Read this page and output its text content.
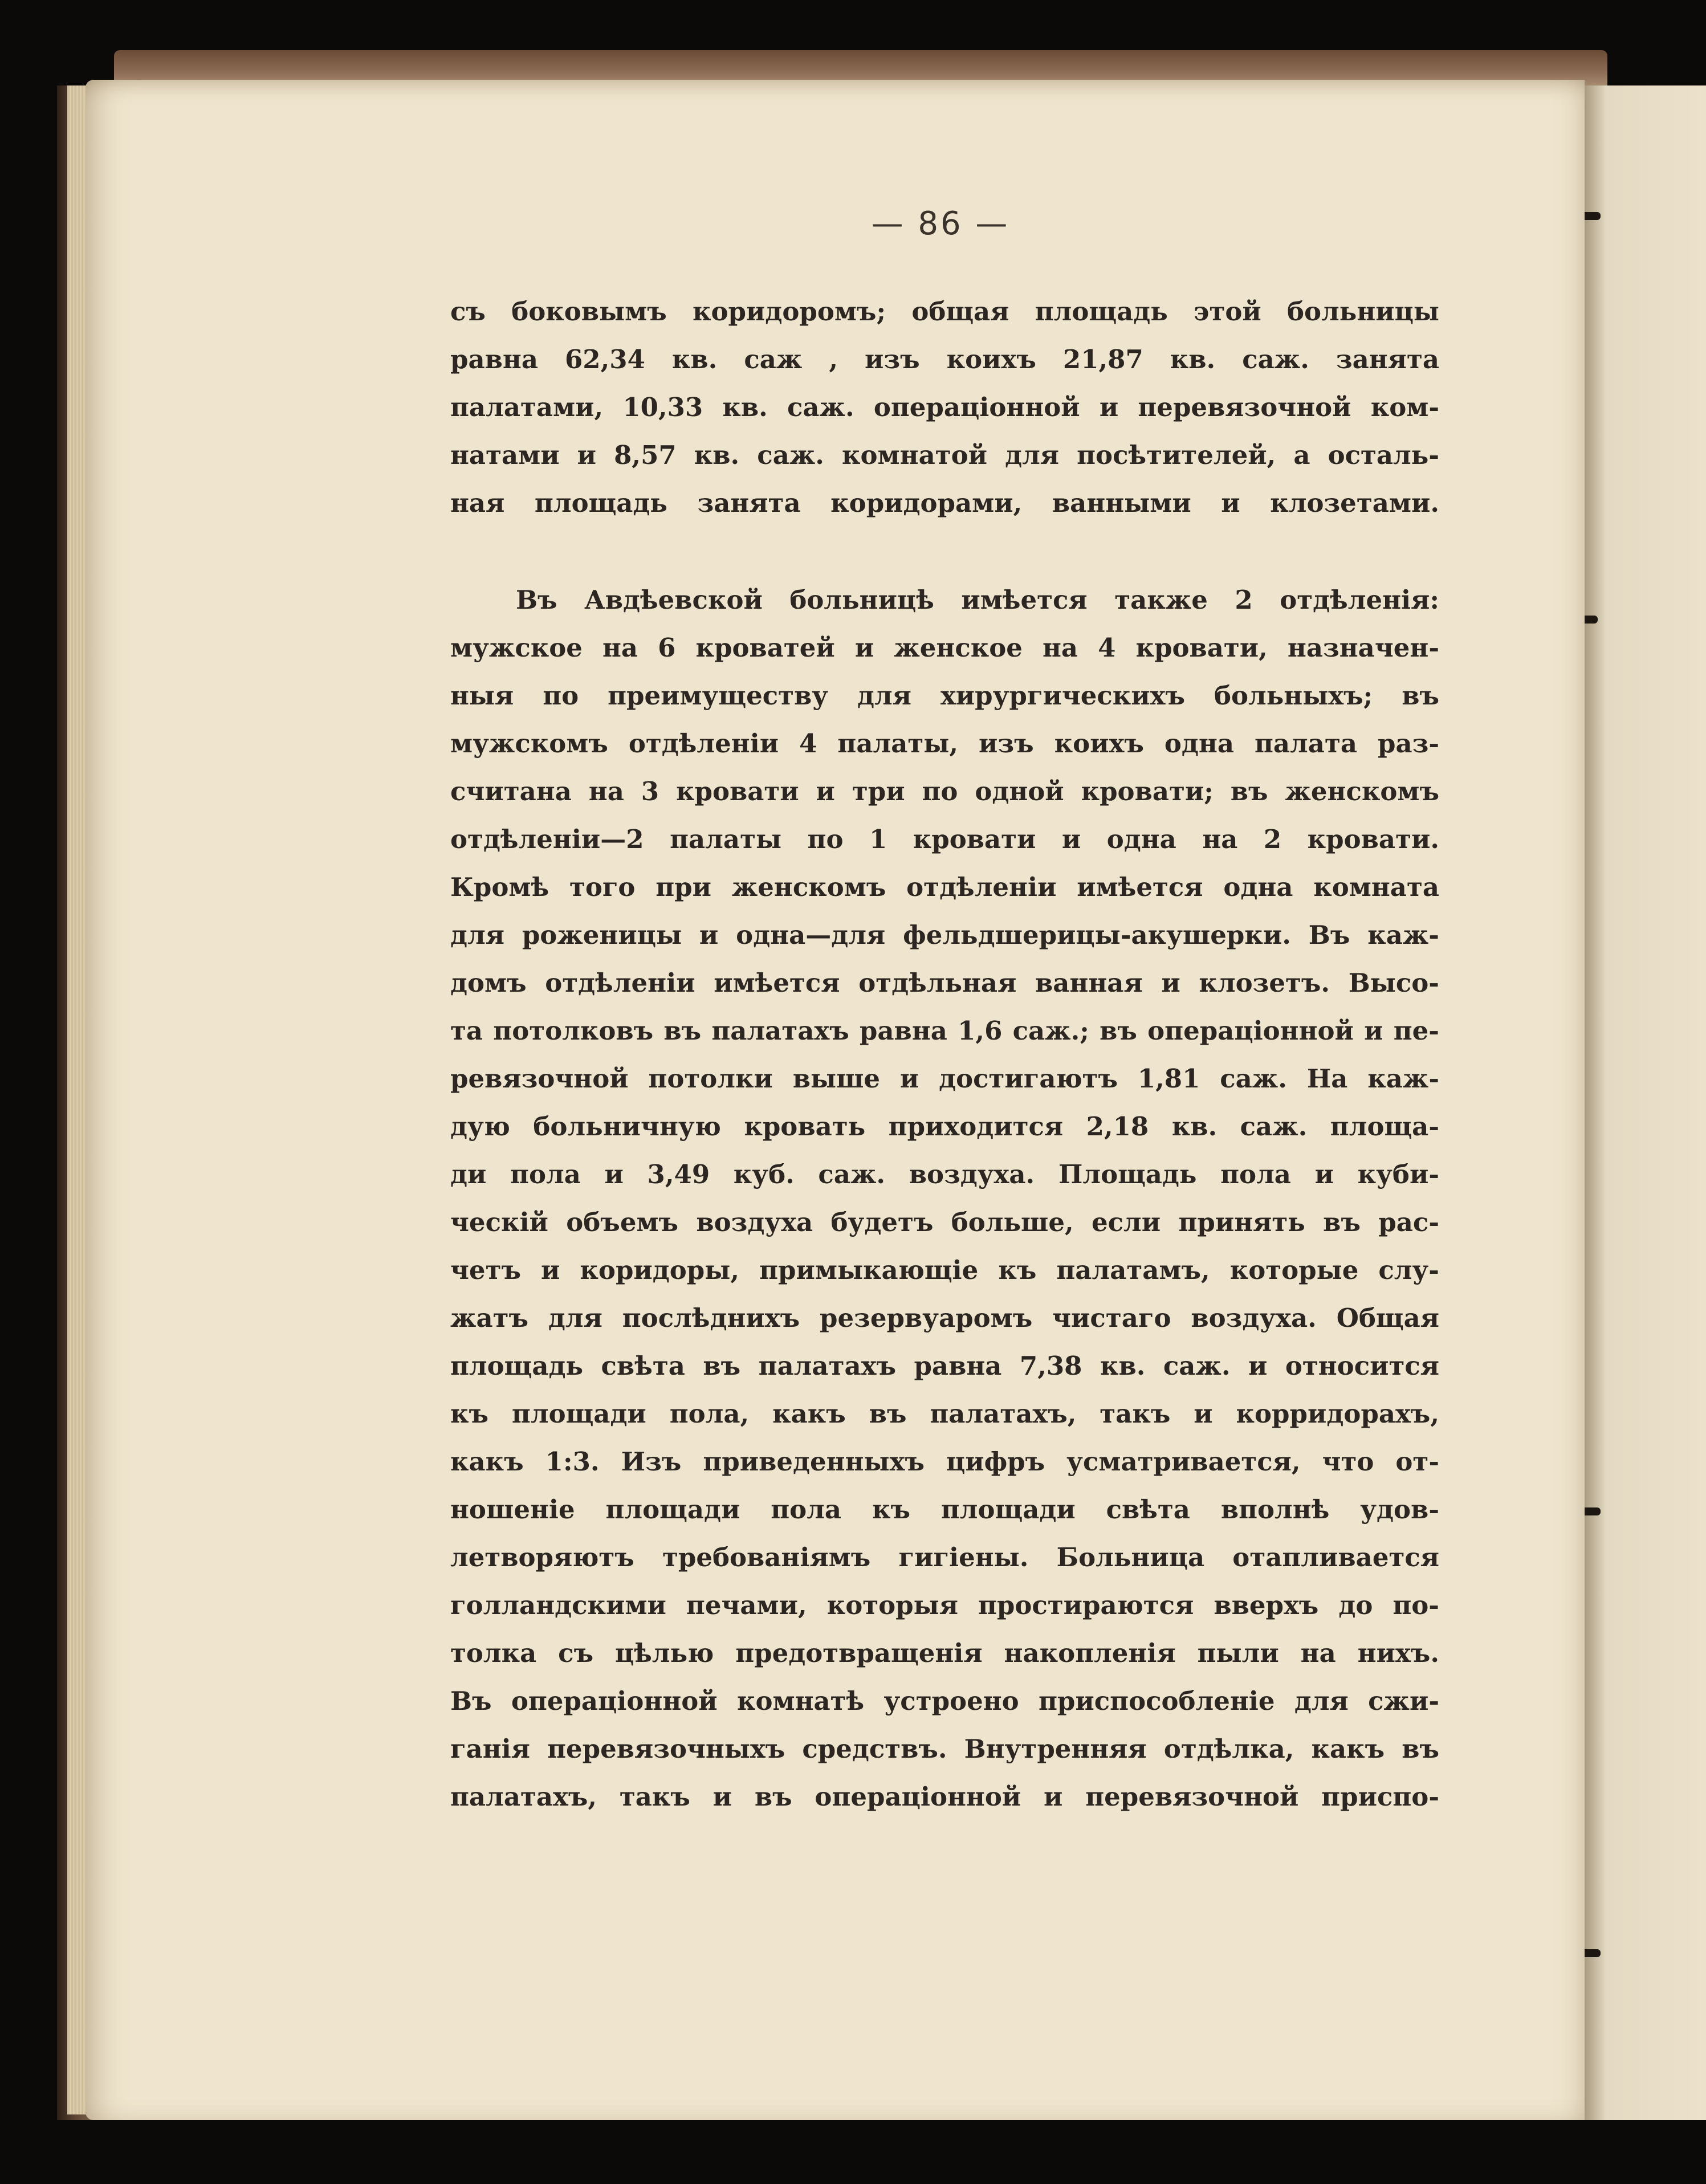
— 86 —
съ боковымъ коридоромъ; общая площадь этой больницы
равна 62,34 кв. саж , изъ коихъ 21,87 кв. саж. занята
палатами, 10,33 кв. саж. операціонной и перевязочной ком-
натами и 8,57 кв. саж. комнатой для посѣтителей, а осталь-
ная площадь занята коридорами, ванными и клозетами.
Въ Авдѣевской больницѣ имѣется также 2 отдѣленія:
мужское на 6 кроватей и женское на 4 кровати, назначен-
ныя по преимуществу для хирургическихъ больныхъ; въ
мужскомъ отдѣленіи 4 палаты, изъ коихъ одна палата раз-
считана на 3 кровати и три по одной кровати; въ женскомъ
отдѣленіи—2 палаты по 1 кровати и одна на 2 кровати.
Кромѣ того при женскомъ отдѣленіи имѣется одна комната
для роженицы и одна—для фельдшерицы-акушерки. Въ каж-
домъ отдѣленіи имѣется отдѣльная ванная и клозетъ. Высо-
та потолковъ въ палатахъ равна 1,6 саж.; въ операціонной и пе-
ревязочной потолки выше и достигаютъ 1,81 саж. На каж-
дую больничную кровать приходится 2,18 кв. саж. площа-
ди пола и 3,49 куб. саж. воздуха. Площадь пола и куби-
ческій объемъ воздуха будетъ больше, если принять въ рас-
четъ и коридоры, примыкающіе къ палатамъ, которые слу-
жатъ для послѣднихъ резервуаромъ чистаго воздуха. Общая
площадь свѣта въ палатахъ равна 7,38 кв. саж. и относится
къ площади пола, какъ въ палатахъ, такъ и корридорахъ,
какъ 1:3. Изъ приведенныхъ цифръ усматривается, что от-
ношеніе площади пола къ площади свѣта вполнѣ удов-
летворяютъ требованіямъ гигіены. Больница отапливается
голландскими печами, которыя простираются вверхъ до по-
толка съ цѣлью предотвращенія накопленія пыли на нихъ.
Въ операціонной комнатѣ устроено приспособленіе для сжи-
ганія перевязочныхъ средствъ. Внутренняя отдѣлка, какъ въ
палатахъ, такъ и въ операціонной и перевязочной приспо-
